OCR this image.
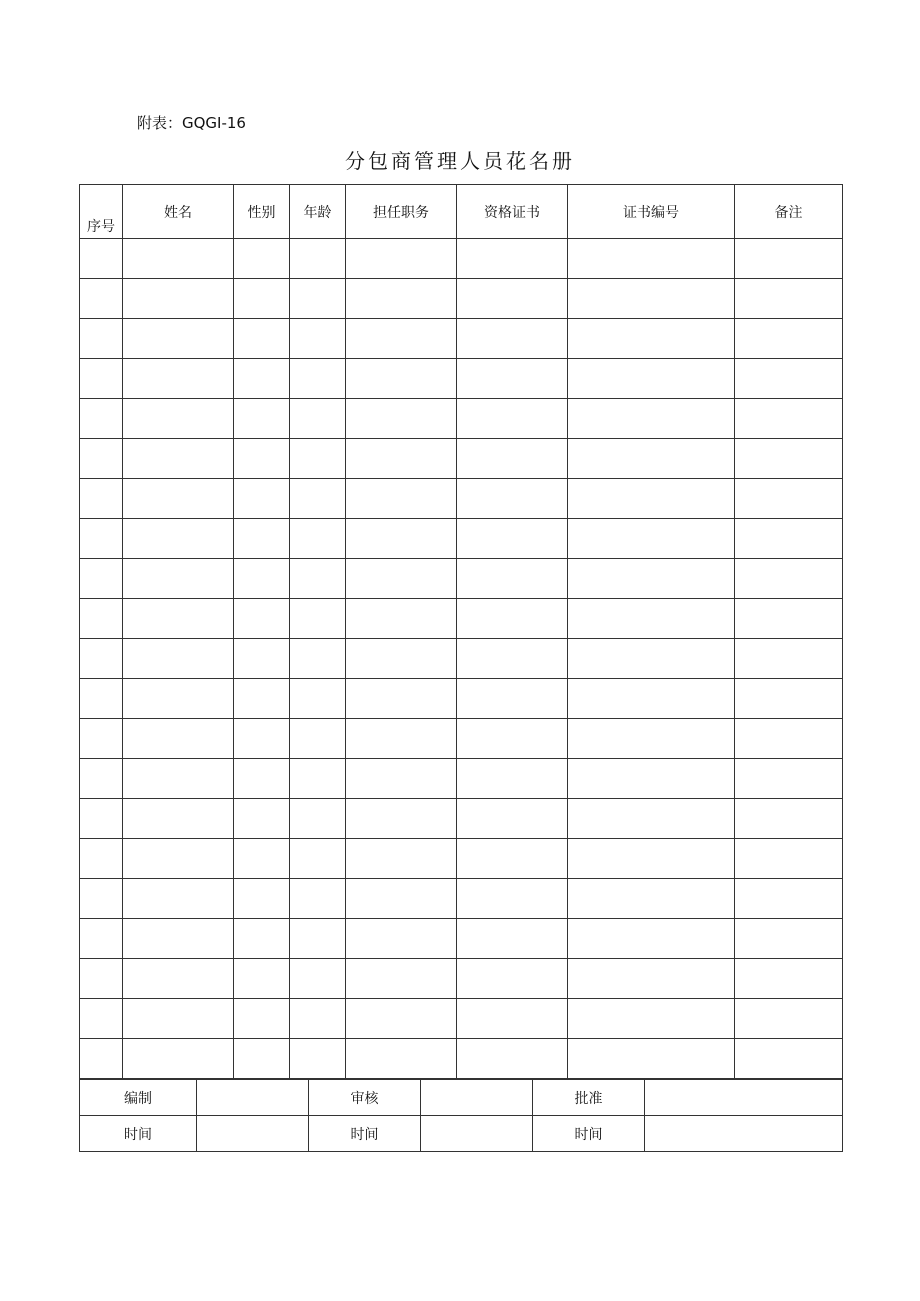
附表：GQGI-16
分包商管理人员花名册
序号	姓名	性别	年龄	担任职务	资格证书	证书编号	备注

编制		审核		批准	
时间		时间		时间	
